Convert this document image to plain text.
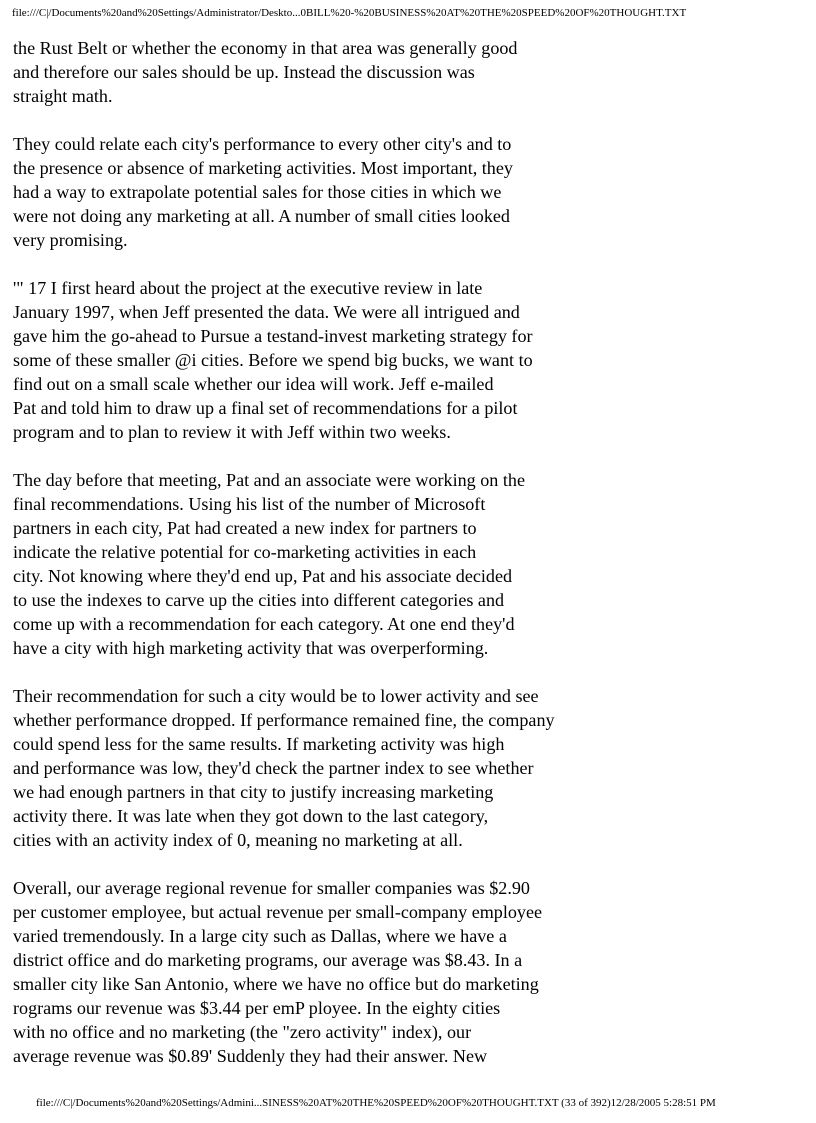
file:///C|/Documents%20and%20Settings/Administrator/Deskto...0BILL%20-%20BUSINESS%20AT%20THE%20SPEED%20OF%20THOUGHT.TXT

the Rust Belt or whether the economy in that area was generally good
and therefore our sales should be up. Instead the discussion was
straight math.

They could relate each city's performance to every other city's and to
the presence or absence of marketing activities. Most important, they
had a way to extrapolate potential sales for those cities in which we
were not doing any marketing at all. A number of small cities looked
very promising.

'" 17 I first heard about the project at the executive review in late
January 1997, when Jeff presented the data. We were all intrigued and
gave him the go-ahead to Pursue a testand-invest marketing strategy for
some of these smaller @i cities. Before we spend big bucks, we want to
find out on a small scale whether our idea will work. Jeff e-mailed
Pat and told him to draw up a final set of recommendations for a pilot
program and to plan to review it with Jeff within two weeks.

The day before that meeting, Pat and an associate were working on the
final recommendations. Using his list of the number of Microsoft
partners in each city, Pat had created a new index for partners to
indicate the relative potential for co-marketing activities in each
city. Not knowing where they'd end up, Pat and his associate decided
to use the indexes to carve up the cities into different categories and
come up with a recommendation for each category. At one end they'd
have a city with high marketing activity that was overperforming.

Their recommendation for such a city would be to lower activity and see
whether performance dropped. If performance remained fine, the company
could spend less for the same results. If marketing activity was high
and performance was low, they'd check the partner index to see whether
we had enough partners in that city to justify increasing marketing
activity there. It was late when they got down to the last category,
cities with an activity index of 0, meaning no marketing at all.

Overall, our average regional revenue for smaller companies was $2.90
per customer employee, but actual revenue per small-company employee
varied tremendously. In a large city such as Dallas, where we have a
district office and do marketing programs, our average was $8.43. In a
smaller city like San Antonio, where we have no office but do marketing
rograms our revenue was $3.44 per emP ployee. In the eighty cities
with no office and no marketing (the "zero activity" index), our
average revenue was $0.89' Suddenly they had their answer. New

file:///C|/Documents%20and%20Settings/Admini...SINESS%20AT%20THE%20SPEED%20OF%20THOUGHT.TXT (33 of 392)12/28/2005 5:28:51 PM
